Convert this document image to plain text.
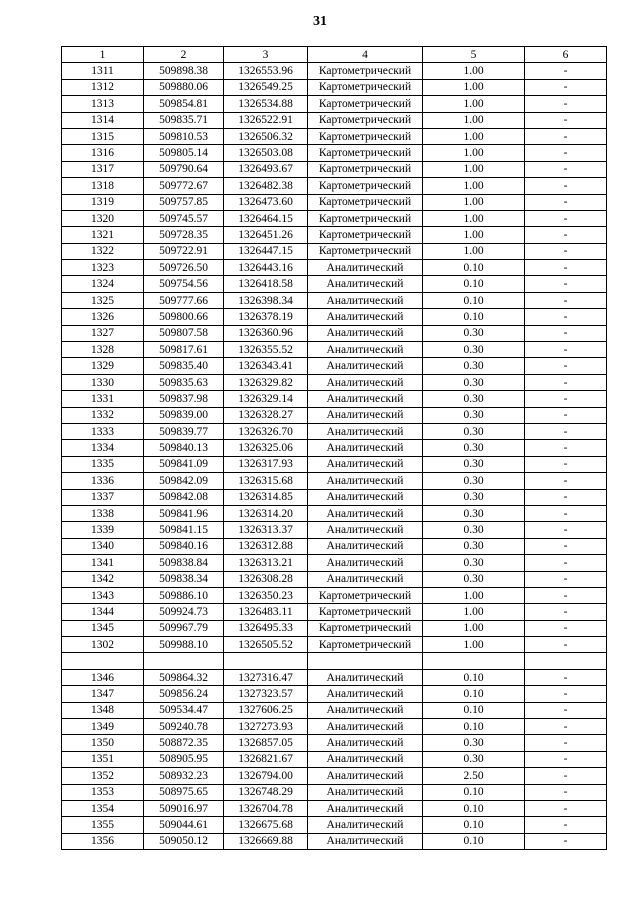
31
1	2	3	4	5	6
1311	509898.38	1326553.96	Картометрический	1.00	-
1312	509880.06	1326549.25	Картометрический	1.00	-
1313	509854.81	1326534.88	Картометрический	1.00	-
1314	509835.71	1326522.91	Картометрический	1.00	-
1315	509810.53	1326506.32	Картометрический	1.00	-
1316	509805.14	1326503.08	Картометрический	1.00	-
1317	509790.64	1326493.67	Картометрический	1.00	-
1318	509772.67	1326482.38	Картометрический	1.00	-
1319	509757.85	1326473.60	Картометрический	1.00	-
1320	509745.57	1326464.15	Картометрический	1.00	-
1321	509728.35	1326451.26	Картометрический	1.00	-
1322	509722.91	1326447.15	Картометрический	1.00	-
1323	509726.50	1326443.16	Аналитический	0.10	-
1324	509754.56	1326418.58	Аналитический	0.10	-
1325	509777.66	1326398.34	Аналитический	0.10	-
1326	509800.66	1326378.19	Аналитический	0.10	-
1327	509807.58	1326360.96	Аналитический	0.30	-
1328	509817.61	1326355.52	Аналитический	0.30	-
1329	509835.40	1326343.41	Аналитический	0.30	-
1330	509835.63	1326329.82	Аналитический	0.30	-
1331	509837.98	1326329.14	Аналитический	0.30	-
1332	509839.00	1326328.27	Аналитический	0.30	-
1333	509839.77	1326326.70	Аналитический	0.30	-
1334	509840.13	1326325.06	Аналитический	0.30	-
1335	509841.09	1326317.93	Аналитический	0.30	-
1336	509842.09	1326315.68	Аналитический	0.30	-
1337	509842.08	1326314.85	Аналитический	0.30	-
1338	509841.96	1326314.20	Аналитический	0.30	-
1339	509841.15	1326313.37	Аналитический	0.30	-
1340	509840.16	1326312.88	Аналитический	0.30	-
1341	509838.84	1326313.21	Аналитический	0.30	-
1342	509838.34	1326308.28	Аналитический	0.30	-
1343	509886.10	1326350.23	Картометрический	1.00	-
1344	509924.73	1326483.11	Картометрический	1.00	-
1345	509967.79	1326495.33	Картометрический	1.00	-
1302	509988.10	1326505.52	Картометрический	1.00	-

1346	509864.32	1327316.47	Аналитический	0.10	-
1347	509856.24	1327323.57	Аналитический	0.10	-
1348	509534.47	1327606.25	Аналитический	0.10	-
1349	509240.78	1327273.93	Аналитический	0.10	-
1350	508872.35	1326857.05	Аналитический	0.30	-
1351	508905.95	1326821.67	Аналитический	0.30	-
1352	508932.23	1326794.00	Аналитический	2.50	-
1353	508975.65	1326748.29	Аналитический	0.10	-
1354	509016.97	1326704.78	Аналитический	0.10	-
1355	509044.61	1326675.68	Аналитический	0.10	-
1356	509050.12	1326669.88	Аналитический	0.10	-
